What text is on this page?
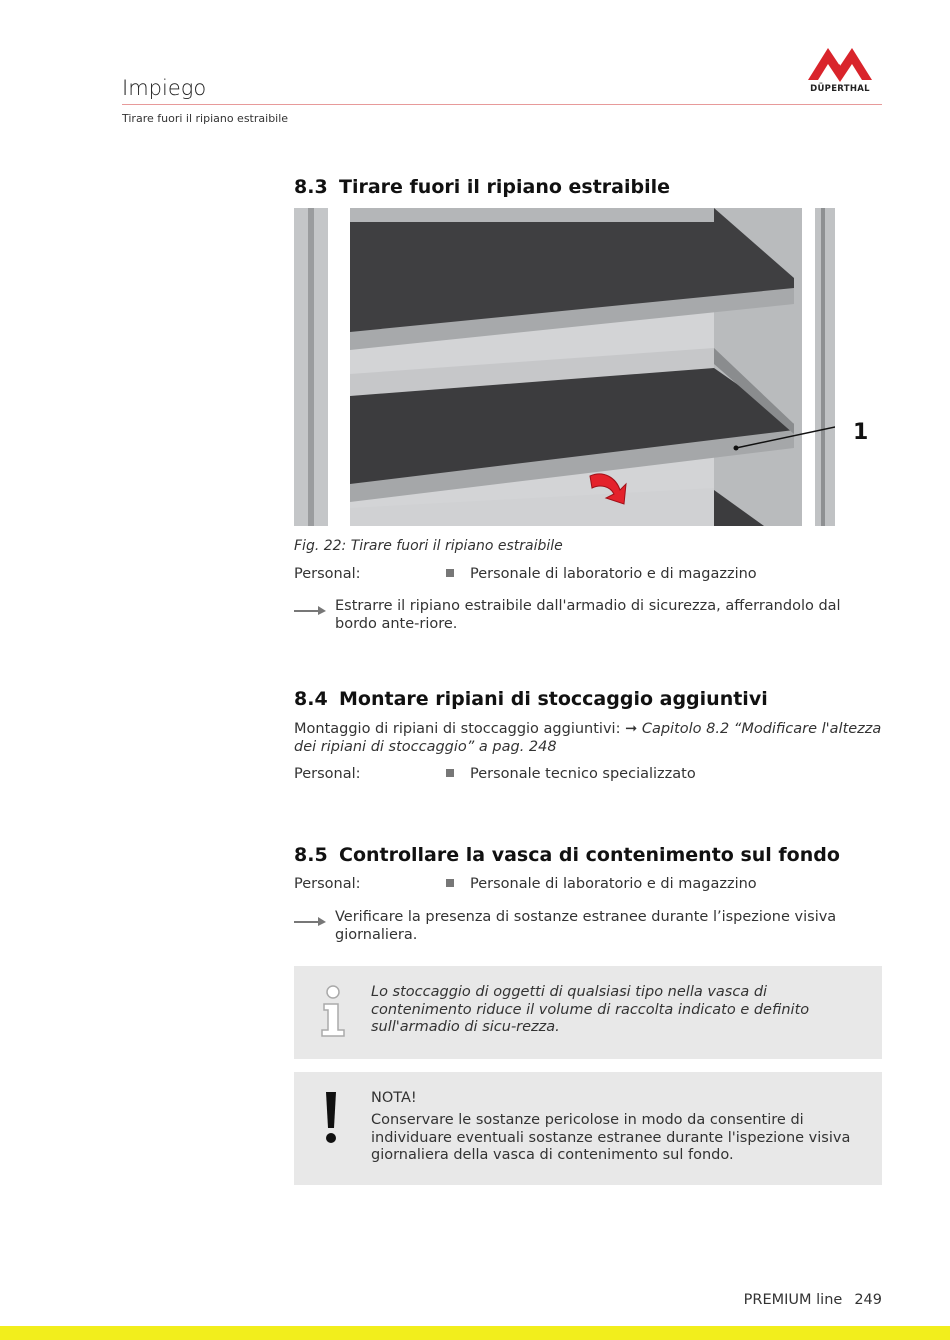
Impiego
Tirare fuori il ripiano estraibile
DÜPERTHAL
8.3 Tirare fuori il ripiano estraibile
1
Fig. 22: Tirare fuori il ripiano estraibile
Personal:	Personale di laboratorio e di magazzino
Estrarre il ripiano estraibile dall'armadio di sicurezza, afferrandolo dal bordo ante-riore.
8.4 Montare ripiani di stoccaggio aggiuntivi
Montaggio di ripiani di stoccaggio aggiuntivi: ➞ Capitolo 8.2 “Modificare l'altezza dei ripiani di stoccaggio” a pag. 248
Personal:	Personale tecnico specializzato
8.5 Controllare la vasca di contenimento sul fondo
Personal:	Personale di laboratorio e di magazzino
Verificare la presenza di sostanze estranee durante l’ispezione visiva giornaliera.
Lo stoccaggio di oggetti di qualsiasi tipo nella vasca di contenimento riduce il volume di raccolta indicato e definito sull'armadio di sicu-rezza.
NOTA!
Conservare le sostanze pericolose in modo da consentire di individuare eventuali sostanze estranee durante l'ispezione visiva giornaliera della vasca di contenimento sul fondo.
PREMIUM line 249
